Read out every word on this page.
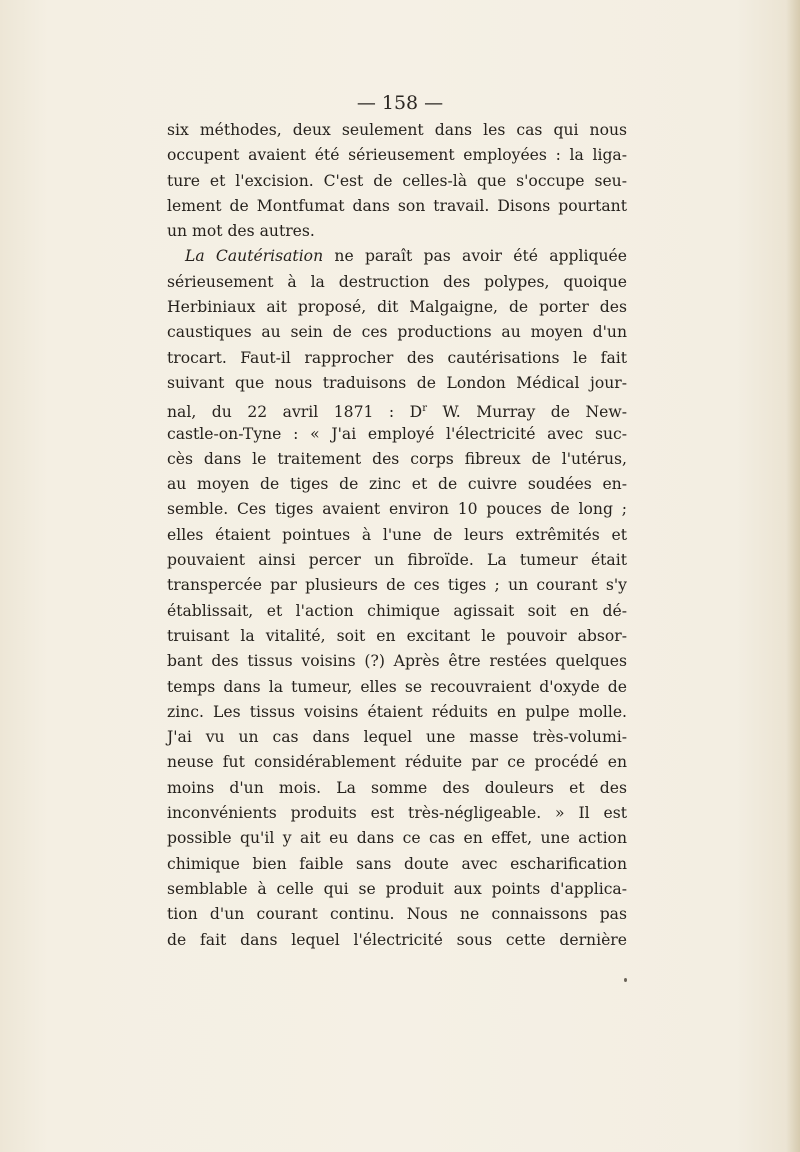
— 158 —
six méthodes, deux seulement dans les cas qui nous
occupent avaient été sérieusement employées : la liga-
ture et l'excision. C'est de celles-là que s'occupe seu-
lement de Montfumat dans son travail. Disons pourtant
un mot des autres.
La Cautérisation ne paraît pas avoir été appliquée
sérieusement à la destruction des polypes, quoique
Herbiniaux ait proposé, dit Malgaigne, de porter des
caustiques au sein de ces productions au moyen d'un
trocart. Faut-il rapprocher des cautérisations le fait
suivant que nous traduisons de London Médical jour-
nal, du 22 avril 1871 : $D^r$ W. Murray de New-
castle-on-Tyne : « J'ai employé l'électricité avec suc-
cès dans le traitement des corps fibreux de l'utérus,
au moyen de tiges de zinc et de cuivre soudées en-
semble. Ces tiges avaient environ 10 pouces de long ;
elles étaient pointues à l'une de leurs extrêmités et
pouvaient ainsi percer un fibroïde. La tumeur était
transpercée par plusieurs de ces tiges ; un courant s'y
établissait, et l'action chimique agissait soit en dé-
truisant la vitalité, soit en excitant le pouvoir absor-
bant des tissus voisins (?) Après être restées quelques
temps dans la tumeur, elles se recouvraient d'oxyde de
zinc. Les tissus voisins étaient réduits en pulpe molle.
J'ai vu un cas dans lequel une masse très-volumi-
neuse fut considérablement réduite par ce procédé en
moins d'un mois. La somme des douleurs et des
inconvénients produits est très-négligeable. » Il est
possible qu'il y ait eu dans ce cas en effet, une action
chimique bien faible sans doute avec escharification
semblable à celle qui se produit aux points d'applica-
tion d'un courant continu. Nous ne connaissons pas
de fait dans lequel l'électricité sous cette dernière
